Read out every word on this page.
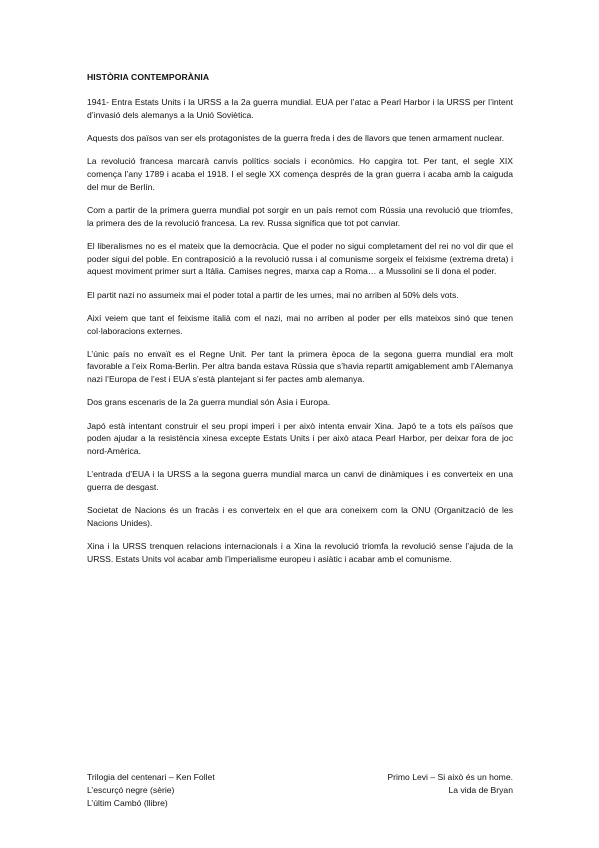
HISTÒRIA CONTEMPORÀNIA

1941- Entra Estats Units i la URSS a la 2a guerra mundial. EUA per l’atac a Pearl Harbor i la URSS per l’intent d’invasió dels alemanys a la Unió Soviètica.

Aquests dos països van ser els protagonistes de la guerra freda i des de llavors que tenen armament nuclear.

La revolució francesa marcarà canvis polítics socials i econòmics. Ho capgira tot. Per tant, el segle XIX comença l’any 1789 i acaba el 1918. I el segle XX comença després de la gran guerra i acaba amb la caiguda del mur de Berlín.

Com a partir de la primera guerra mundial pot sorgir en un país remot com Rússia una revolució que triomfes, la primera des de la revolució francesa. La rev. Russa significa que tot pot canviar.

El liberalismes no es el mateix que la democràcia. Que el poder no sigui completament del rei no vol dir que el poder sigui del poble. En contraposició a la revolució russa i al comunisme sorgeix el feixisme (extrema dreta) i aquest moviment primer surt a Itàlia. Camises negres, marxa cap a Roma… a Mussolini se li dona el poder.

El partit nazi no assumeix mai el poder total a partir de les urnes, mai no arriben al 50% dels vots.

Així veiem que tant el feixisme italià com el nazi, mai no arriben al poder per ells mateixos sinó que tenen col·laboracions externes.

L’únic país no envaït es el Regne Unit. Per tant la primera època de la segona guerra mundial era molt favorable a l’eix Roma-Berlin. Per altra banda estava Rússia que s’havia repartit amigablement amb l’Alemanya nazi l’Europa de l’est i EUA s’està plantejant si fer pactes amb alemanya.

Dos grans escenaris de la 2a guerra mundial són Àsia i Europa.

Japó està intentant construir el seu propi imperi i per això intenta envair Xina. Japó te a tots els països que poden ajudar a la resistència xinesa excepte Estats Units i per això ataca Pearl Harbor, per deixar fora de joc nord-Amèrica.

L’entrada d’EUA i la URSS a la segona guerra mundial marca un canvi de dinàmiques i es converteix en una guerra de desgast.

Societat de Nacions és un fracàs i es converteix en el que ara coneixem com la ONU (Organització de les Nacions Unides).

Xina i la URSS trenquen relacions internacionals i a Xina la revolució triomfa la revolució sense l’ajuda de la URSS. Estats Units vol acabar amb l’imperialisme europeu i asiàtic i acabar amb el comunisme.

Trilogia del centenari – Ken Follet
L’escurçó negre (sèrie)
L’últim Cambó (llibre)
Primo Levi – Si això és un home.
La vida de Bryan
